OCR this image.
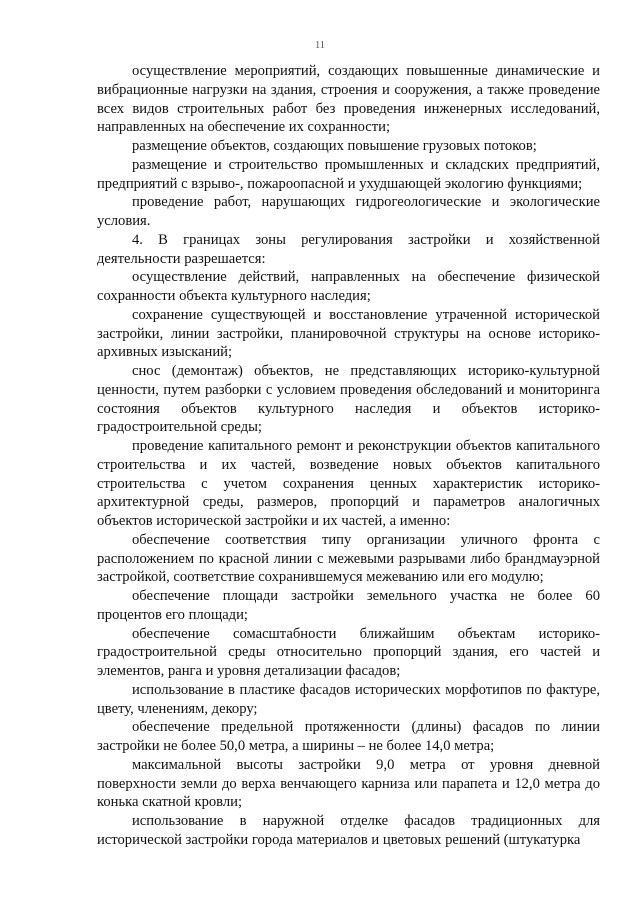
11

осуществление мероприятий, создающих повышенные динамические и вибрационные нагрузки на здания, строения и сооружения, а также проведение всех видов строительных работ без проведения инженерных исследований, направленных на обеспечение их сохранности;

размещение объектов, создающих повышение грузовых потоков;

размещение и строительство промышленных и складских предприятий, предприятий с взрыво-, пожароопасной и ухудшающей экологию функциями;

проведение работ, нарушающих гидрогеологические и экологические условия.

4. В границах зоны регулирования застройки и хозяйственной деятельности разрешается:

осуществление действий, направленных на обеспечение физической сохранности объекта культурного наследия;

сохранение существующей и восстановление утраченной исторической застройки, линии застройки, планировочной структуры на основе историко-архивных изысканий;

снос (демонтаж) объектов, не представляющих историко-культурной ценности, путем разборки с условием проведения обследований и мониторинга состояния объектов культурного наследия и объектов историко-градостроительной среды;

проведение капитального ремонт и реконструкции объектов капитального строительства и их частей, возведение новых объектов капитального строительства с учетом сохранения ценных характеристик историко-архитектурной среды, размеров, пропорций и параметров аналогичных объектов исторической застройки и их частей, а именно:

обеспечение соответствия типу организации уличного фронта с расположением по красной линии с межевыми разрывами либо брандмауэрной застройкой, соответствие сохранившемуся межеванию или его модулю;

обеспечение площади застройки земельного участка не более 60 процентов его площади;

обеспечение сомасштабности ближайшим объектам историко-градостроительной среды относительно пропорций здания, его частей и элементов, ранга и уровня детализации фасадов;

использование в пластике фасадов исторических морфотипов по фактуре, цвету, членениям, декору;

обеспечение предельной протяженности (длины) фасадов по линии застройки не более 50,0 метра, а ширины – не более 14,0 метра;

максимальной высоты застройки 9,0 метра от уровня дневной поверхности земли до верха венчающего карниза или парапета и 12,0 метра до конька скатной кровли;

использование в наружной отделке фасадов традиционных для исторической застройки города материалов и цветовых решений (штукатурка
